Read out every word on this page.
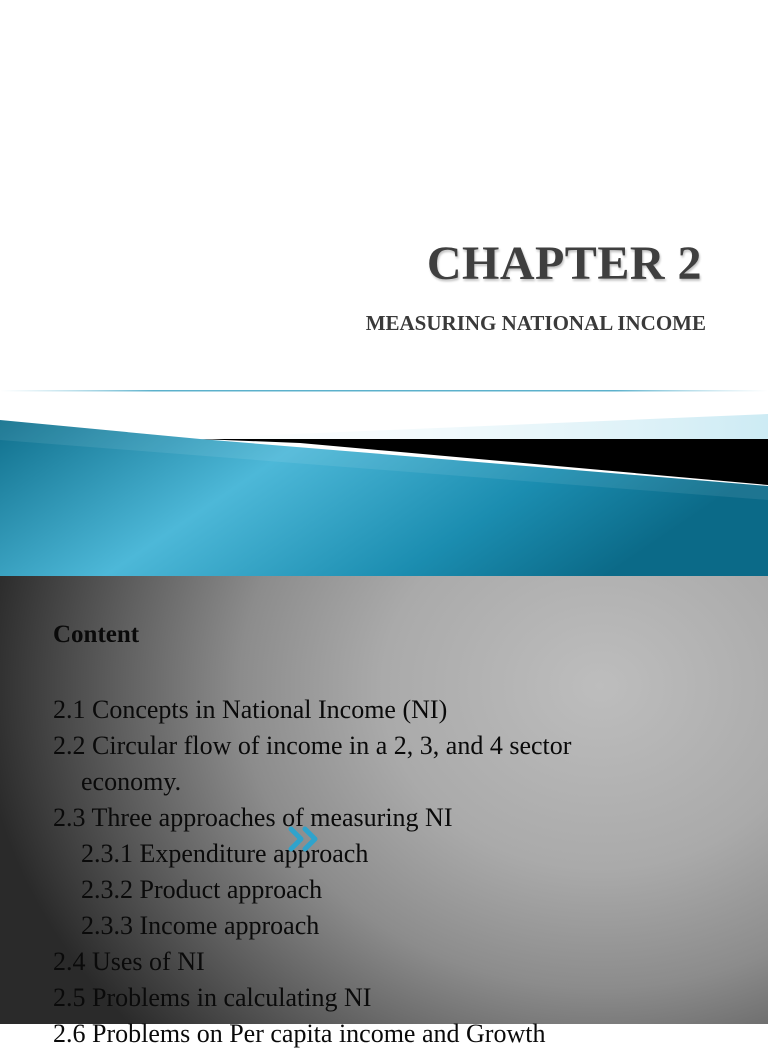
CHAPTER 2
MEASURING NATIONAL INCOME
Content
2.1 Concepts in National Income (NI)
2.2 Circular flow of income in a 2, 3, and 4 sector
economy.
2.3 Three approaches of measuring NI
2.3.1 Expenditure approach
2.3.2 Product approach
2.3.3 Income approach
2.4 Uses of NI
2.5 Problems in calculating NI
2.6 Problems on Per capita income and Growth
